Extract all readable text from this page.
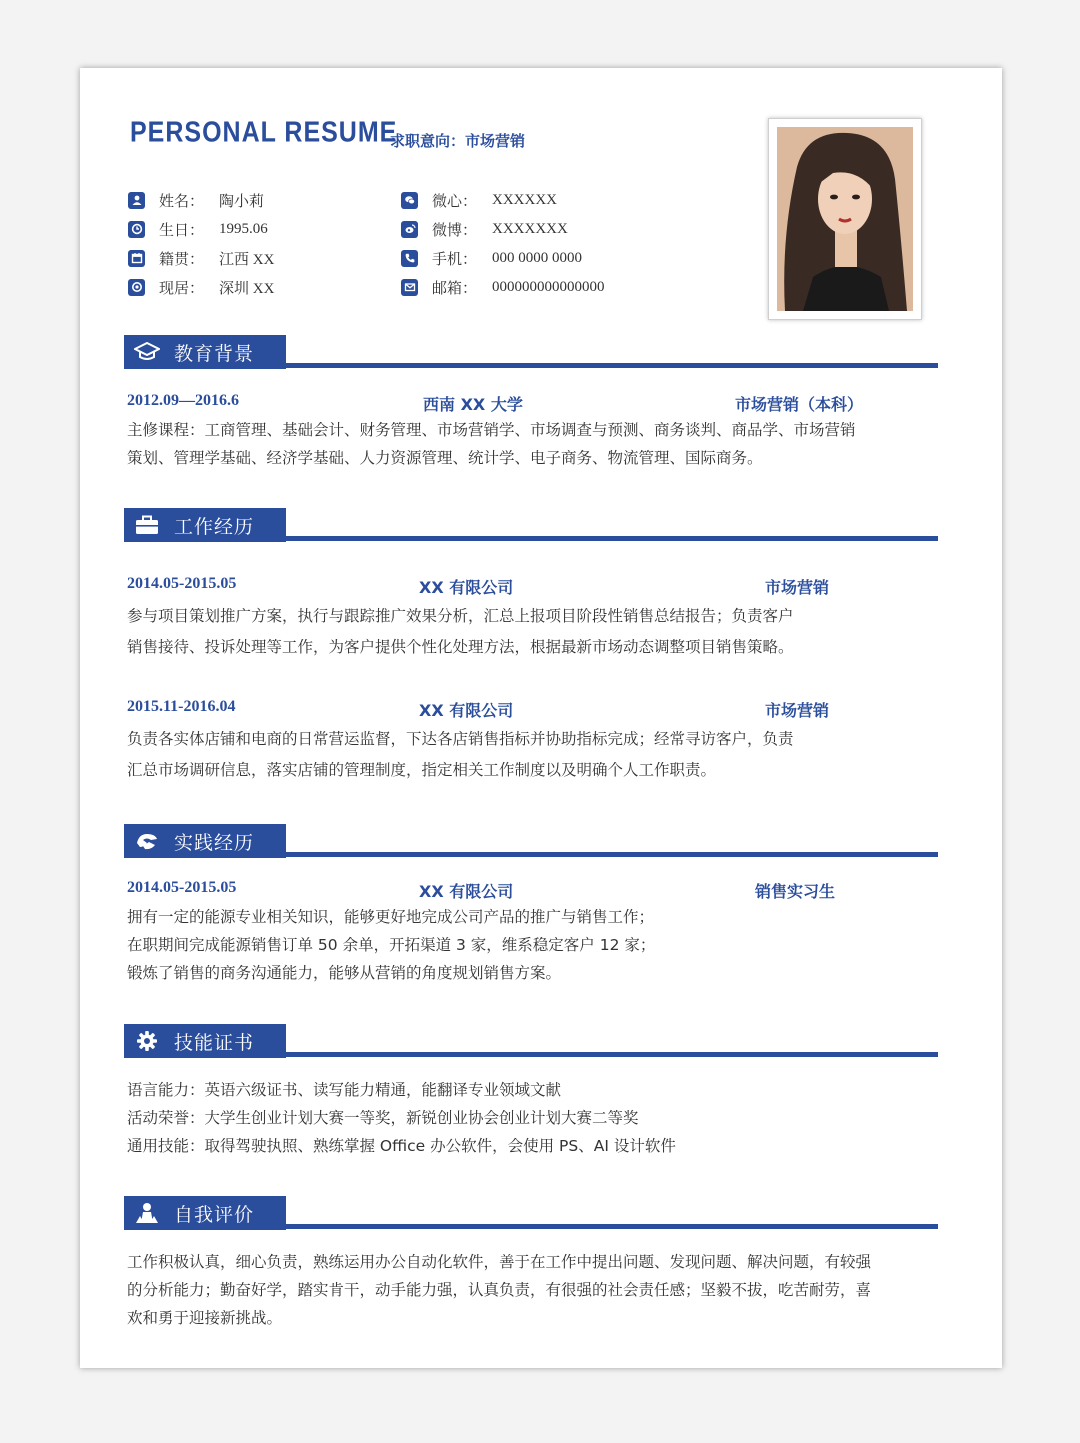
PERSONAL RESUME
求职意向：市场营销
姓名： 陶小莉
生日： 1995.06
籍贯： 江西 XX
现居： 深圳 XX
微心： XXXXXX
微博： XXXXXXX
手机： 000 0000 0000
邮箱： 000000000000000
教育背景
2012.09—2016.6	西南 XX 大学	市场营销（本科）
主修课程：工商管理、基础会计、财务管理、市场营销学、市场调查与预测、商务谈判、商品学、市场营销
策划、管理学基础、经济学基础、人力资源管理、统计学、电子商务、物流管理、国际商务。
工作经历
2014.05-2015.05	XX 有限公司	市场营销
参与项目策划推广方案，执行与跟踪推广效果分析，汇总上报项目阶段性销售总结报告；负责客户
销售接待、投诉处理等工作，为客户提供个性化处理方法，根据最新市场动态调整项目销售策略。
2015.11-2016.04	XX 有限公司	市场营销
负责各实体店铺和电商的日常营运监督，下达各店销售指标并协助指标完成；经常寻访客户，负责
汇总市场调研信息，落实店铺的管理制度，指定相关工作制度以及明确个人工作职责。
实践经历
2014.05-2015.05	XX 有限公司	销售实习生
拥有一定的能源专业相关知识，能够更好地完成公司产品的推广与销售工作；
在职期间完成能源销售订单 50 余单，开拓渠道 3 家，维系稳定客户 12 家；
锻炼了销售的商务沟通能力，能够从营销的角度规划销售方案。
技能证书
语言能力：英语六级证书、读写能力精通，能翻译专业领域文献
活动荣誉：大学生创业计划大赛一等奖，新锐创业协会创业计划大赛二等奖
通用技能：取得驾驶执照、熟练掌握 Office 办公软件，会使用 PS、AI 设计软件
自我评价
工作积极认真，细心负责，熟练运用办公自动化软件，善于在工作中提出问题、发现问题、解决问题，有较强
的分析能力；勤奋好学，踏实肯干，动手能力强，认真负责，有很强的社会责任感；坚毅不拔，吃苦耐劳，喜
欢和勇于迎接新挑战。
